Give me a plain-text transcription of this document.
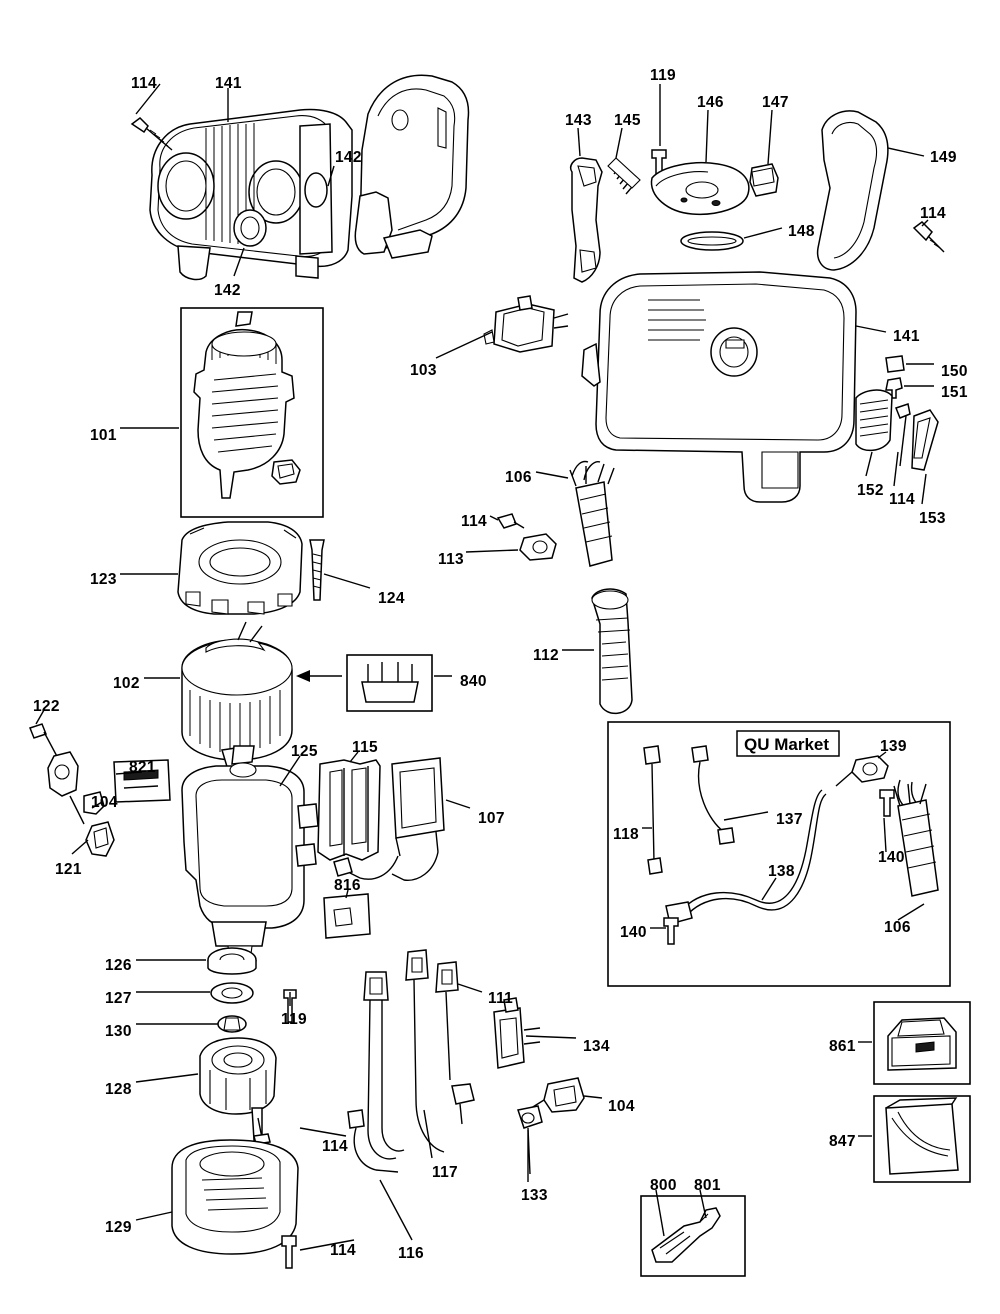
114	141
142
142
119
143 145
146 147
149
114
148
103
141
150
151
101
152
114
153
106
114
113
123
124
112
102	840
122
821
125 115	139
118
137
140
107
104
121	138
816
140	106
126
127	111
130
119
134	861
128
104
847
114
117
133
800 801
129
116
114
QU Market
